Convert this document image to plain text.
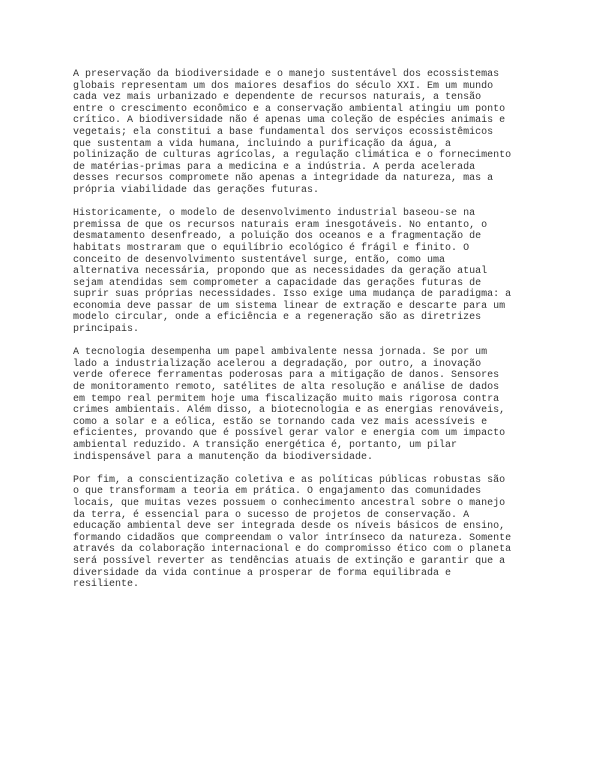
A preservação da biodiversidade e o manejo sustentável dos ecossistemas
globais representam um dos maiores desafios do século XXI. Em um mundo
cada vez mais urbanizado e dependente de recursos naturais, a tensão
entre o crescimento econômico e a conservação ambiental atingiu um ponto
crítico. A biodiversidade não é apenas uma coleção de espécies animais e
vegetais; ela constitui a base fundamental dos serviços ecossistêmicos
que sustentam a vida humana, incluindo a purificação da água, a
polinização de culturas agrícolas, a regulação climática e o fornecimento
de matérias-primas para a medicina e a indústria. A perda acelerada
desses recursos compromete não apenas a integridade da natureza, mas a
própria viabilidade das gerações futuras.

Historicamente, o modelo de desenvolvimento industrial baseou-se na
premissa de que os recursos naturais eram inesgotáveis. No entanto, o
desmatamento desenfreado, a poluição dos oceanos e a fragmentação de
habitats mostraram que o equilíbrio ecológico é frágil e finito. O
conceito de desenvolvimento sustentável surge, então, como uma
alternativa necessária, propondo que as necessidades da geração atual
sejam atendidas sem comprometer a capacidade das gerações futuras de
suprir suas próprias necessidades. Isso exige uma mudança de paradigma: a
economia deve passar de um sistema linear de extração e descarte para um
modelo circular, onde a eficiência e a regeneração são as diretrizes
principais.

A tecnologia desempenha um papel ambivalente nessa jornada. Se por um
lado a industrialização acelerou a degradação, por outro, a inovação
verde oferece ferramentas poderosas para a mitigação de danos. Sensores
de monitoramento remoto, satélites de alta resolução e análise de dados
em tempo real permitem hoje uma fiscalização muito mais rigorosa contra
crimes ambientais. Além disso, a biotecnologia e as energias renováveis,
como a solar e a eólica, estão se tornando cada vez mais acessíveis e
eficientes, provando que é possível gerar valor e energia com um impacto
ambiental reduzido. A transição energética é, portanto, um pilar
indispensável para a manutenção da biodiversidade.

Por fim, a conscientização coletiva e as políticas públicas robustas são
o que transformam a teoria em prática. O engajamento das comunidades
locais, que muitas vezes possuem o conhecimento ancestral sobre o manejo
da terra, é essencial para o sucesso de projetos de conservação. A
educação ambiental deve ser integrada desde os níveis básicos de ensino,
formando cidadãos que compreendam o valor intrínseco da natureza. Somente
através da colaboração internacional e do compromisso ético com o planeta
será possível reverter as tendências atuais de extinção e garantir que a
diversidade da vida continue a prosperar de forma equilibrada e
resiliente.
